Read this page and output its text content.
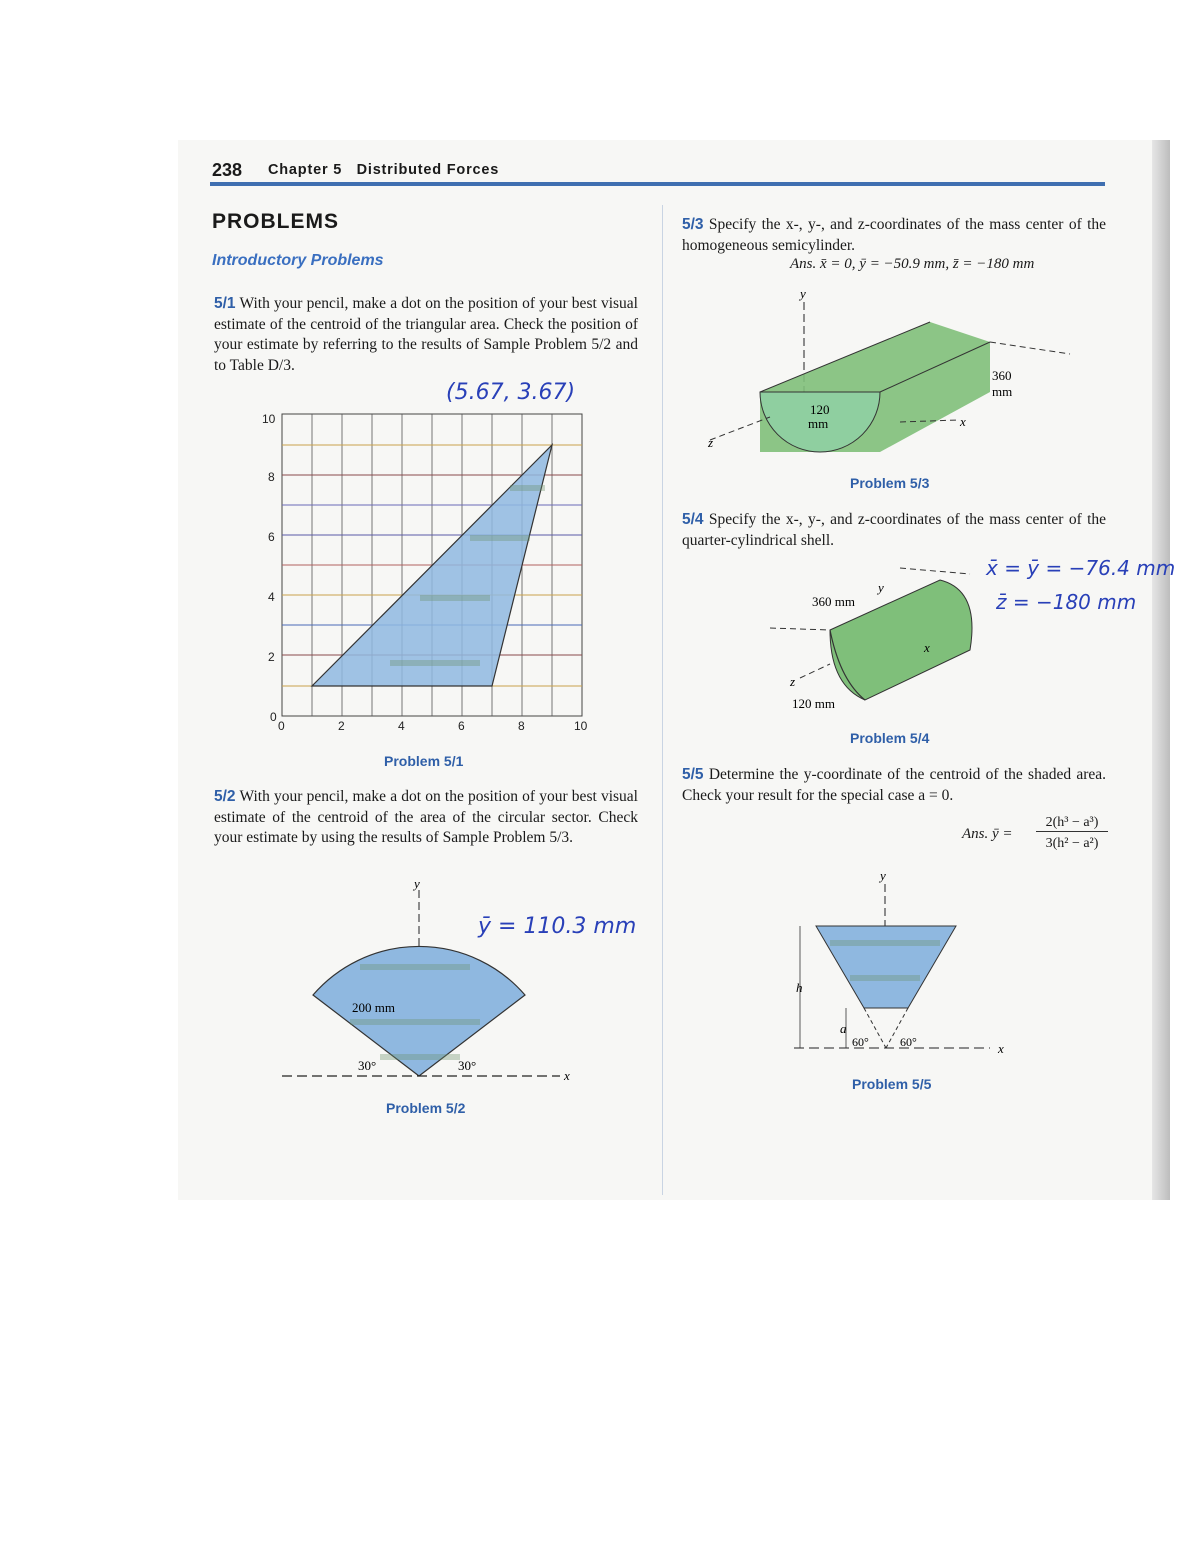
238 Chapter 5 Distributed Forces
PROBLEMS
Introductory Problems
5/1 With your pencil, make a dot on the position of your best visual estimate of the centroid of the triangular area. Check the position of your estimate by referring to the results of Sample Problem 5/2 and to Table D/3.
(5.67, 3.67)
10
8
6
4
2
0
0	2	4	6	8	10
Problem 5/1
5/2 With your pencil, make a dot on the position of your best visual estimate of the centroid of the area of the circular sector. Check your estimate by using the results of Sample Problem 5/3.
ȳ = 110.3 mm
y
x
200 mm
30°	30°
Problem 5/2
5/3 Specify the x-, y-, and z-coordinates of the mass center of the homogeneous semicylinder.
Ans. x̄ = 0, ȳ = −50.9 mm, z̄ = −180 mm
y
z
x
360
mm
120
mm
Problem 5/3
5/4 Specify the x-, y-, and z-coordinates of the mass center of the quarter-cylindrical shell.
x̄ = ȳ = −76.4 mm
z̄ = −180 mm
y
z
x
360 mm
120 mm
Problem 5/4
5/5 Determine the y-coordinate of the centroid of the shaded area. Check your result for the special case a = 0.
Ans. ȳ =
2(h³ − a³)
3(h² − a²)
y
x
h
a
60°	60°
Problem 5/5
